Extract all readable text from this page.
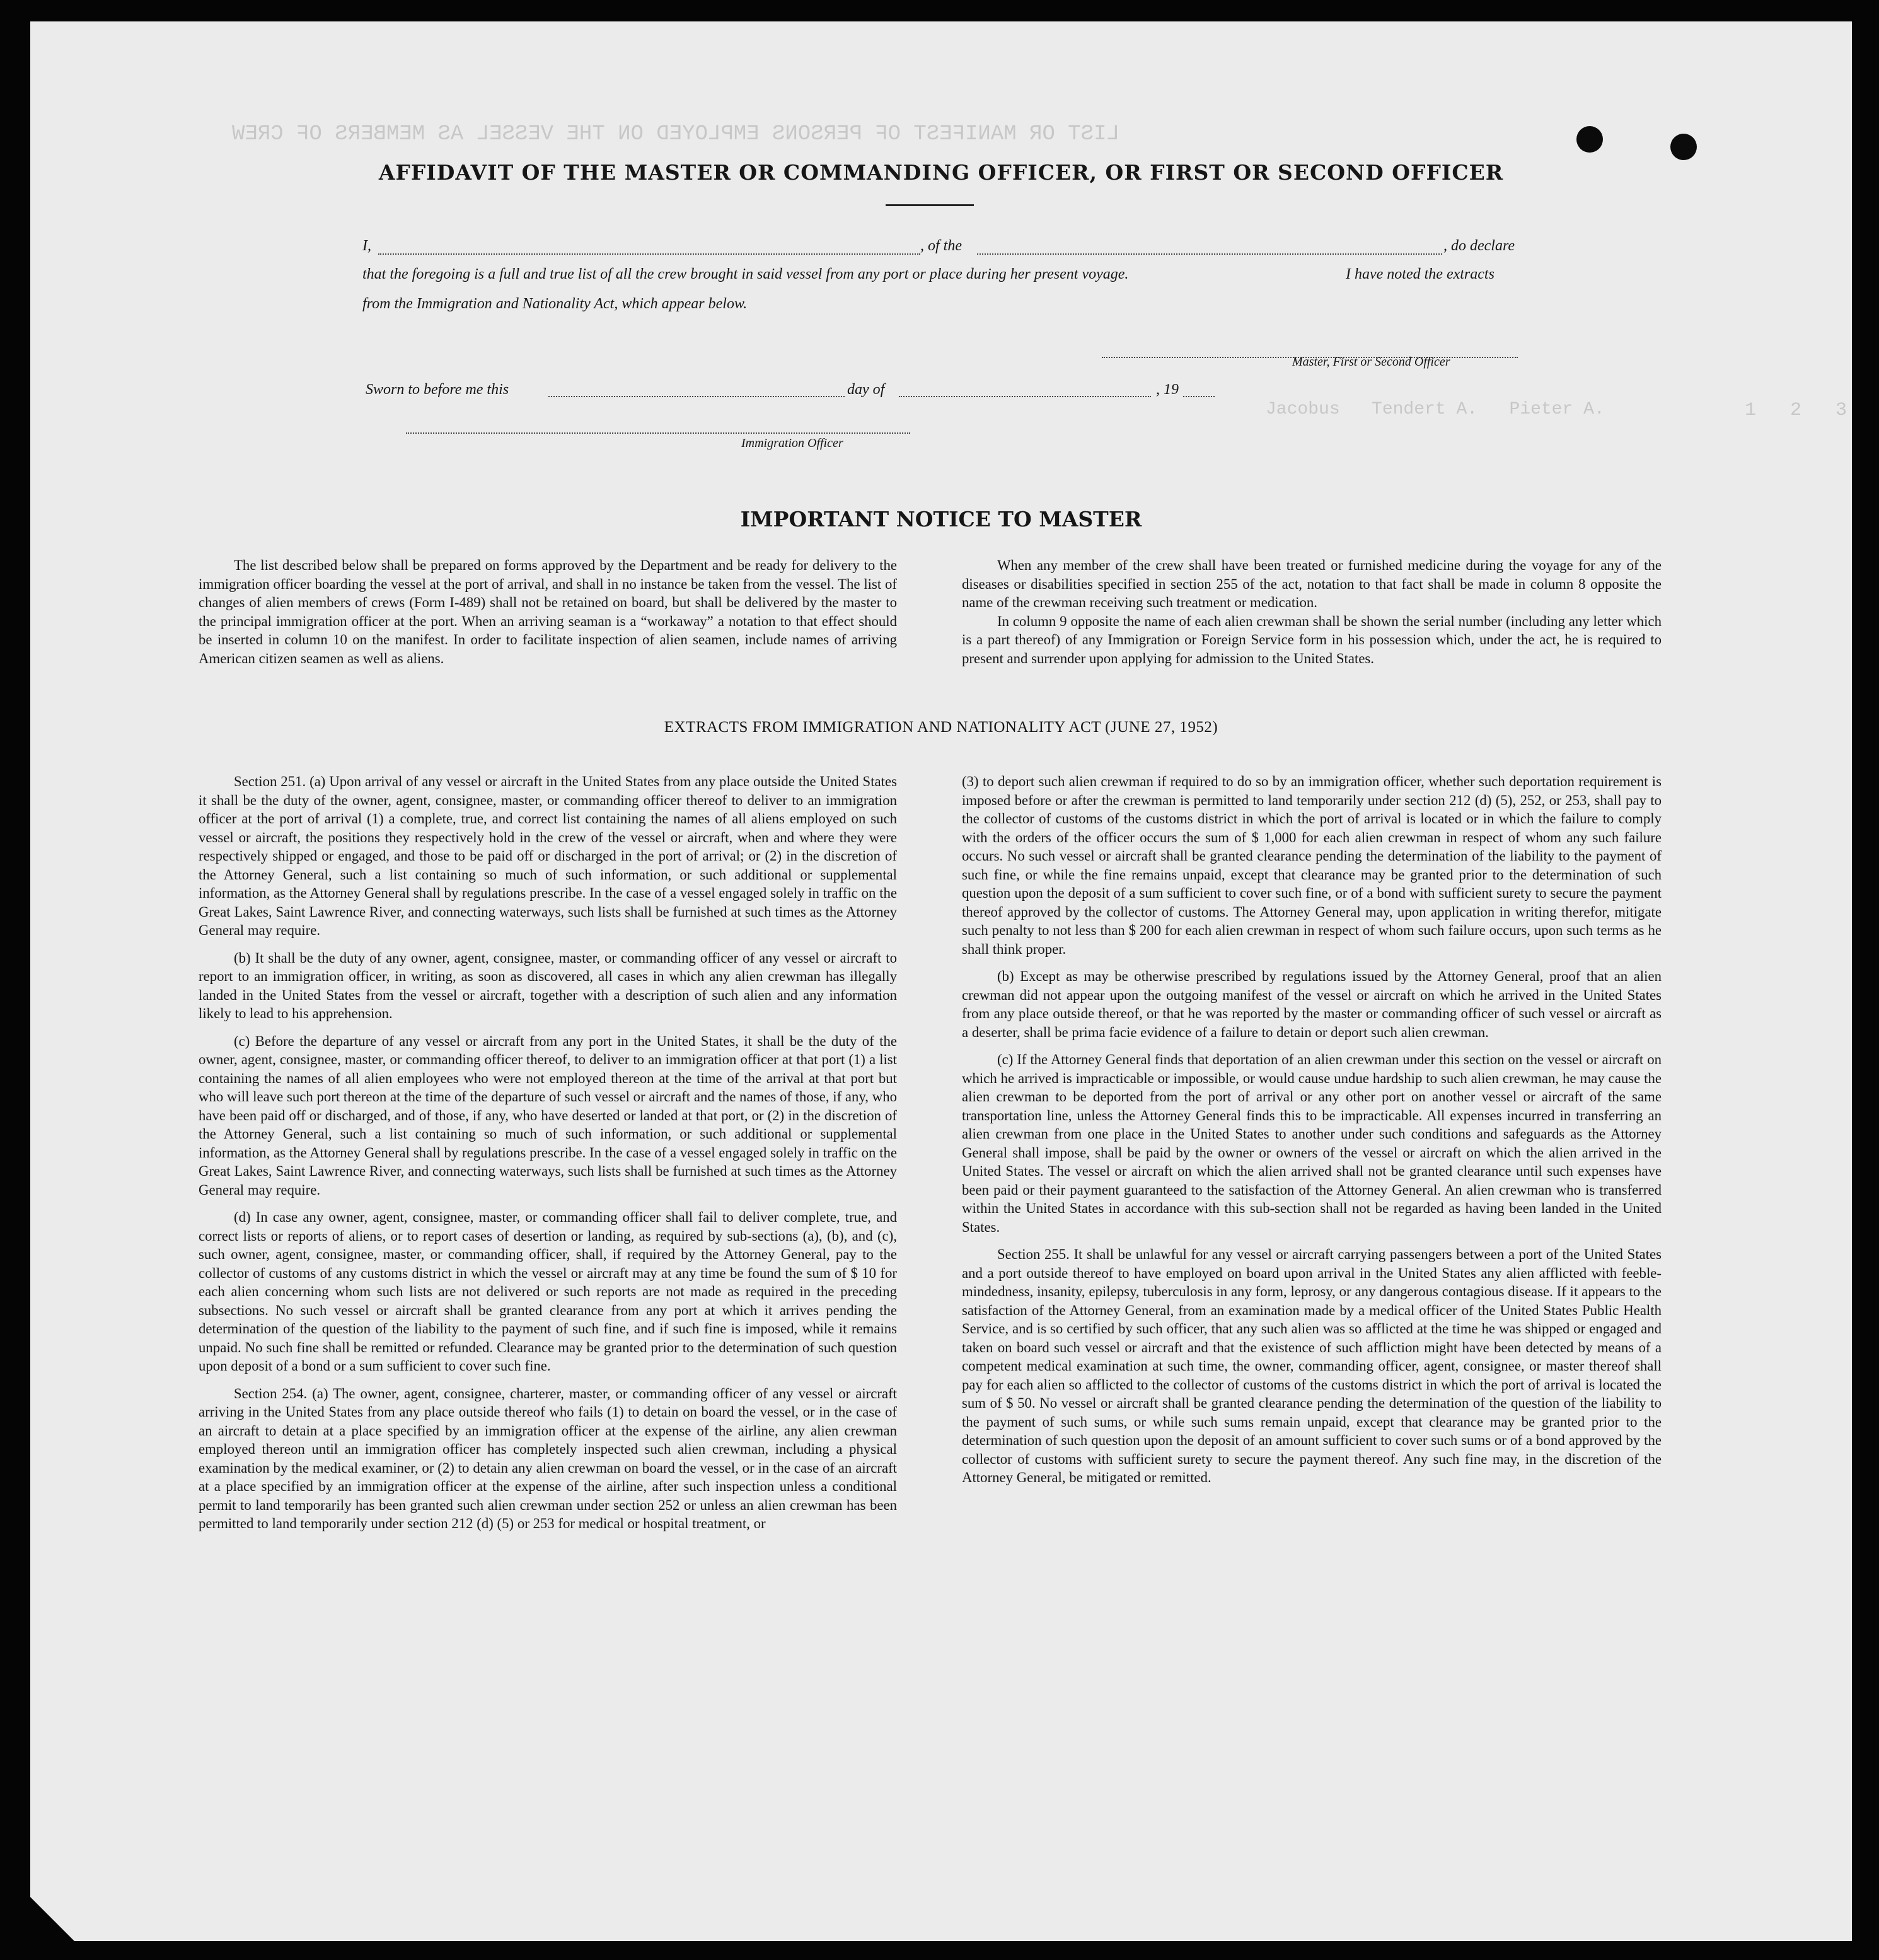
LIST OR MANIFEST OF PERSONS EMPLOYED ON THE VESSEL AS MEMBERS OF CREW
Jacobus   Tendert A.   Pieter A.	1   2   3
AFFIDAVIT OF THE MASTER OR COMMANDING OFFICER, OR FIRST OR SECOND OFFICER
I,	, of the	, do declare
that the foregoing is a full and true list of all the crew brought in said vessel from any port or place during her present voyage.	I have noted the extracts
from the Immigration and Nationality Act, which appear below.
Master, First or Second Officer
Sworn to before me this	day of	, 19
Immigration Officer
IMPORTANT NOTICE TO MASTER

The list described below shall be prepared on forms approved by the Department and be ready for delivery to the immigration officer boarding the vessel at the port of arrival, and shall in no instance be taken from the vessel. The list of changes of alien members of crews (Form I-489) shall not be retained on board, but shall be delivered by the master to the principal immigration officer at the port. When an arriving seaman is a “workaway” a notation to that effect should be inserted in column 10 on the manifest. In order to facilitate inspection of alien seamen, include names of arriving American citizen seamen as well as aliens.

When any member of the crew shall have been treated or furnished medicine during the voyage for any of the diseases or disabilities specified in section 255 of the act, notation to that fact shall be made in column 8 opposite the name of the crewman receiving such treatment or medication.

In column 9 opposite the name of each alien crewman shall be shown the serial number (including any letter which is a part thereof) of any Immigration or Foreign Service form in his possession which, under the act, he is required to present and surrender upon applying for admission to the United States.

EXTRACTS FROM IMMIGRATION AND NATIONALITY ACT (JUNE 27, 1952)

Section 251. (a) Upon arrival of any vessel or aircraft in the United States from any place outside the United States it shall be the duty of the owner, agent, consignee, master, or commanding officer thereof to deliver to an immigration officer at the port of arrival (1) a complete, true, and correct list containing the names of all aliens employed on such vessel or aircraft, the positions they respectively hold in the crew of the vessel or aircraft, when and where they were respectively shipped or engaged, and those to be paid off or discharged in the port of arrival; or (2) in the discretion of the Attorney General, such a list containing so much of such information, or such additional or supplemental information, as the Attorney General shall by regulations prescribe. In the case of a vessel engaged solely in traffic on the Great Lakes, Saint Lawrence River, and connecting waterways, such lists shall be furnished at such times as the Attorney General may require.

(b) It shall be the duty of any owner, agent, consignee, master, or commanding officer of any vessel or aircraft to report to an immigration officer, in writing, as soon as discovered, all cases in which any alien crewman has illegally landed in the United States from the vessel or aircraft, together with a description of such alien and any information likely to lead to his apprehension.

(c) Before the departure of any vessel or aircraft from any port in the United States, it shall be the duty of the owner, agent, consignee, master, or commanding officer thereof, to deliver to an immigration officer at that port (1) a list containing the names of all alien employees who were not employed thereon at the time of the arrival at that port but who will leave such port thereon at the time of the departure of such vessel or aircraft and the names of those, if any, who have been paid off or discharged, and of those, if any, who have deserted or landed at that port, or (2) in the discretion of the Attorney General, such a list containing so much of such information, or such additional or supplemental information, as the Attorney General shall by regulations prescribe. In the case of a vessel engaged solely in traffic on the Great Lakes, Saint Lawrence River, and connecting waterways, such lists shall be furnished at such times as the Attorney General may require.

(d) In case any owner, agent, consignee, master, or commanding officer shall fail to deliver complete, true, and correct lists or reports of aliens, or to report cases of desertion or landing, as required by sub-sections (a), (b), and (c), such owner, agent, consignee, master, or commanding officer, shall, if required by the Attorney General, pay to the collector of customs of any customs district in which the vessel or aircraft may at any time be found the sum of $ 10 for each alien concerning whom such lists are not delivered or such reports are not made as required in the preceding subsections. No such vessel or aircraft shall be granted clearance from any port at which it arrives pending the determination of the question of the liability to the payment of such fine, and if such fine is imposed, while it remains unpaid. No such fine shall be remitted or refunded. Clearance may be granted prior to the determination of such question upon deposit of a bond or a sum sufficient to cover such fine.

Section 254. (a) The owner, agent, consignee, charterer, master, or commanding officer of any vessel or aircraft arriving in the United States from any place outside thereof who fails (1) to detain on board the vessel, or in the case of an aircraft to detain at a place specified by an immigration officer at the expense of the airline, any alien crewman employed thereon until an immigration officer has completely inspected such alien crewman, including a physical examination by the medical examiner, or (2) to detain any alien crewman on board the vessel, or in the case of an aircraft at a place specified by an immigration officer at the expense of the airline, after such inspection unless a conditional permit to land temporarily has been granted such alien crewman under section 252 or unless an alien crewman has been permitted to land temporarily under section 212 (d) (5) or 253 for medical or hospital treatment, or

(3) to deport such alien crewman if required to do so by an immigration officer, whether such deportation requirement is imposed before or after the crewman is permitted to land temporarily under section 212 (d) (5), 252, or 253, shall pay to the collector of customs of the customs district in which the port of arrival is located or in which the failure to comply with the orders of the officer occurs the sum of $ 1,000 for each alien crewman in respect of whom any such failure occurs. No such vessel or aircraft shall be granted clearance pending the determination of the liability to the payment of such fine, or while the fine remains unpaid, except that clearance may be granted prior to the determination of such question upon the deposit of a sum sufficient to cover such fine, or of a bond with sufficient surety to secure the payment thereof approved by the collector of customs. The Attorney General may, upon application in writing therefor, mitigate such penalty to not less than $ 200 for each alien crewman in respect of whom such failure occurs, upon such terms as he shall think proper.

(b) Except as may be otherwise prescribed by regulations issued by the Attorney General, proof that an alien crewman did not appear upon the outgoing manifest of the vessel or aircraft on which he arrived in the United States from any place outside thereof, or that he was reported by the master or commanding officer of such vessel or aircraft as a deserter, shall be prima facie evidence of a failure to detain or deport such alien crewman.

(c) If the Attorney General finds that deportation of an alien crewman under this section on the vessel or aircraft on which he arrived is impracticable or impossible, or would cause undue hardship to such alien crewman, he may cause the alien crewman to be deported from the port of arrival or any other port on another vessel or aircraft of the same transportation line, unless the Attorney General finds this to be impracticable. All expenses incurred in transferring an alien crewman from one place in the United States to another under such conditions and safeguards as the Attorney General shall impose, shall be paid by the owner or owners of the vessel or aircraft on which the alien arrived in the United States. The vessel or aircraft on which the alien arrived shall not be granted clearance until such expenses have been paid or their payment guaranteed to the satisfaction of the Attorney General. An alien crewman who is transferred within the United States in accordance with this sub-section shall not be regarded as having been landed in the United States.

Section 255. It shall be unlawful for any vessel or aircraft carrying passengers between a port of the United States and a port outside thereof to have employed on board upon arrival in the United States any alien afflicted with feeble-mindedness, insanity, epilepsy, tuberculosis in any form, leprosy, or any dangerous contagious disease. If it appears to the satisfaction of the Attorney General, from an examination made by a medical officer of the United States Public Health Service, and is so certified by such officer, that any such alien was so afflicted at the time he was shipped or engaged and taken on board such vessel or aircraft and that the existence of such affliction might have been detected by means of a competent medical examination at such time, the owner, commanding officer, agent, consignee, or master thereof shall pay for each alien so afflicted to the collector of customs of the customs district in which the port of arrival is located the sum of $ 50. No vessel or aircraft shall be granted clearance pending the determination of the question of the liability to the payment of such sums, or while such sums remain unpaid, except that clearance may be granted prior to the determination of such question upon the deposit of an amount sufficient to cover such sums or of a bond approved by the collector of customs with sufficient surety to secure the payment thereof. Any such fine may, in the discretion of the Attorney General, be mitigated or remitted.
